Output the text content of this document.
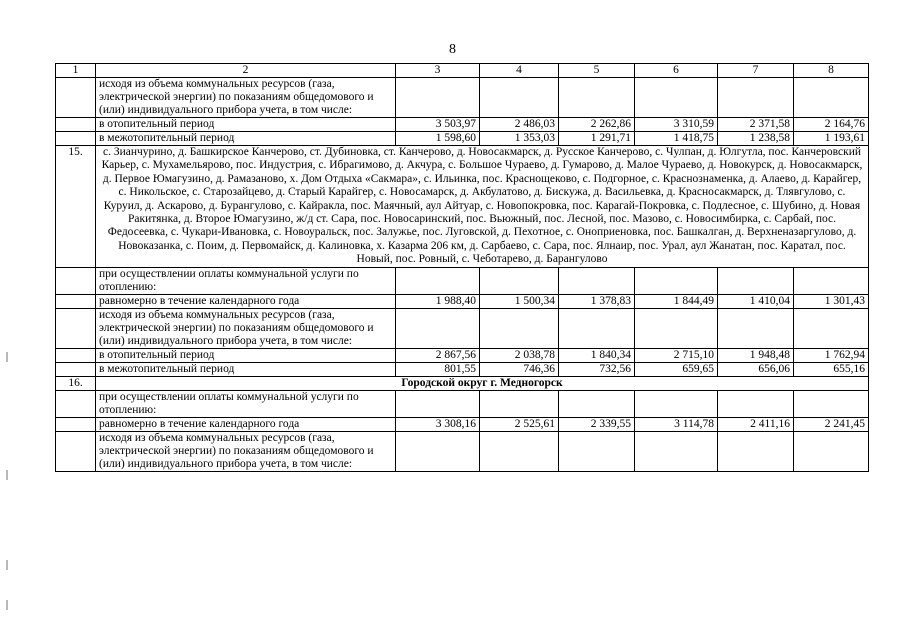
8
1	2	3	4	5	6	7	8
	исходя из объема коммунальных ресурсов (газа, электрической энергии) по показаниям общедомового и (или) индивидуального прибора учета, в том числе:						
	в отопительный период	3 503,97	2 486,03	2 262,86	3 310,59	2 371,58	2 164,76
	в межотопительный период	1 598,60	1 353,03	1 291,71	1 418,75	1 238,58	1 193,61
15.	с. Зианчурино, д. Башкирское Канчерово, ст. Дубиновка, ст. Канчерово, д. Новосакмарск, д. Русское Канчерово, с. Чулпан, д. Юлгутла, пос. Канчеровский Карьер, с. Мухамельярово, пос. Индустрия, с. Ибрагимово, д. Акчура, с. Большое Чураево, д. Гумарово, д. Малое Чураево, д. Новокурск, д. Новосакмарск, д. Первое Юмагузино, д. Рамазаново, х. Дом Отдыха «Сакмара», с. Ильинка, пос. Краснощеково, с. Подгорное, с. Краснознаменка, д. Алаево, д. Карайгер, с. Никольское, с. Старозайцево, д. Старый Карайгер, с. Новосамарск, д. Акбулатово, д. Бискужа, д. Васильевка, д. Красносакмарск, д. Тлявгулово, с. Куруил, д. Аскарово, д. Бурангулово, с. Кайракла, пос. Маячный, аул Айтуар, с. Новопокровка, пос. Карагай-Покровка, с. Подлесное, с. Шубино, д. Новая Ракитянка, д. Второе Юмагузино, ж/д ст. Сара, пос. Новосаринский, пос. Вьюжный, пос. Лесной, пос. Мазово, с. Новосимбирка, с. Сарбай, пос. Федосеевка, с. Чукари-Ивановка, с. Новоуральск, пос. Залужье, пос. Луговской, д. Пехотное, с. Оноприеновка, пос. Башкалган, д. Верхненазаргулово, д. Новоказанка, с. Поим, д. Первомайск, д. Калиновка, х. Казарма 206 км, д. Сарбаево, с. Сара, пос. Ялнаир, пос. Урал, аул Жанатан, пос. Каратал, пос. Новый, пос. Ровный, с. Чеботарево, д. Барангулово						
	при осуществлении оплаты коммунальной услуги по отоплению:						
	равномерно в течение календарного года	1 988,40	1 500,34	1 378,83	1 844,49	1 410,04	1 301,43
	исходя из объема коммунальных ресурсов (газа, электрической энергии) по показаниям общедомового и (или) индивидуального прибора учета, в том числе:						
	в отопительный период	2 867,56	2 038,78	1 840,34	2 715,10	1 948,48	1 762,94
	в межотопительный период	801,55	746,36	732,56	659,65	656,06	655,16
16.	Городской округ г. Медногорск						
	при осуществлении оплаты коммунальной услуги по отоплению:						
	равномерно в течение календарного года	3 308,16	2 525,61	2 339,55	3 114,78	2 411,16	2 241,45
	исходя из объема коммунальных ресурсов (газа, электрической энергии) по показаниям общедомового и (или) индивидуального прибора учета, в том числе:						
